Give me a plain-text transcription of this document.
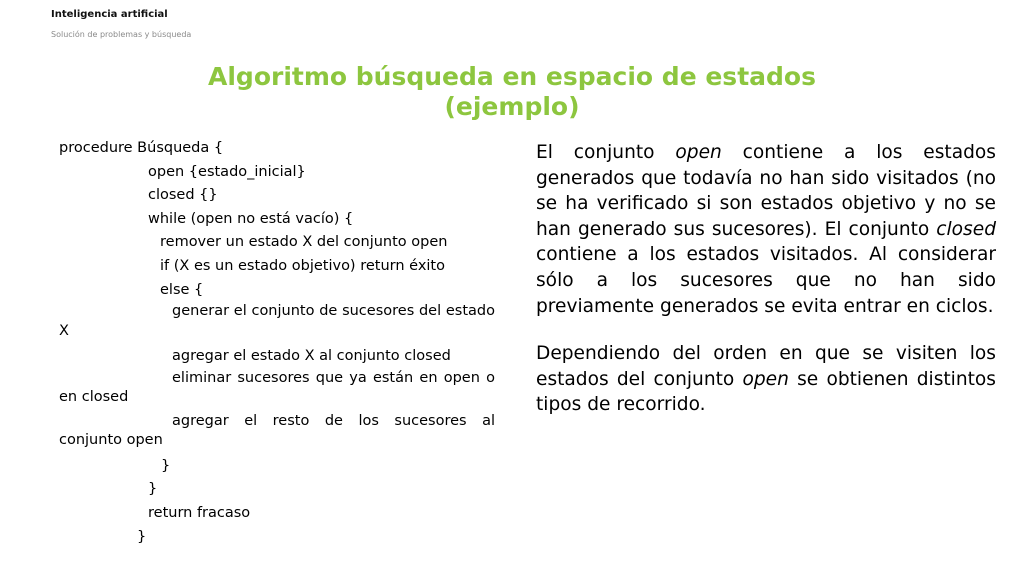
Inteligencia artificial
Solución de problemas y búsqueda
Algoritmo búsqueda en espacio de estados
(ejemplo)
procedure Búsqueda {
open {estado_inicial}
closed {}
while (open no está vacío) {
remover un estado X del conjunto open
if (X es un estado objetivo) return éxito
else {
generar el conjunto de sucesores del estado X
agregar el estado X al conjunto closed
eliminar sucesores que ya están en open o en closed
agregar el resto de los sucesores al conjunto open
}
}
return fracaso
}

El conjunto open contiene a los estados generados que todavía no han sido visitados (no se ha verificado si son estados objetivo y no se han generado sus sucesores). El conjunto closed contiene a los estados visitados. Al considerar sólo a los sucesores que no han sido previamente generados se evita entrar en ciclos.

Dependiendo del orden en que se visiten los estados del conjunto open se obtienen distintos tipos de recorrido.
